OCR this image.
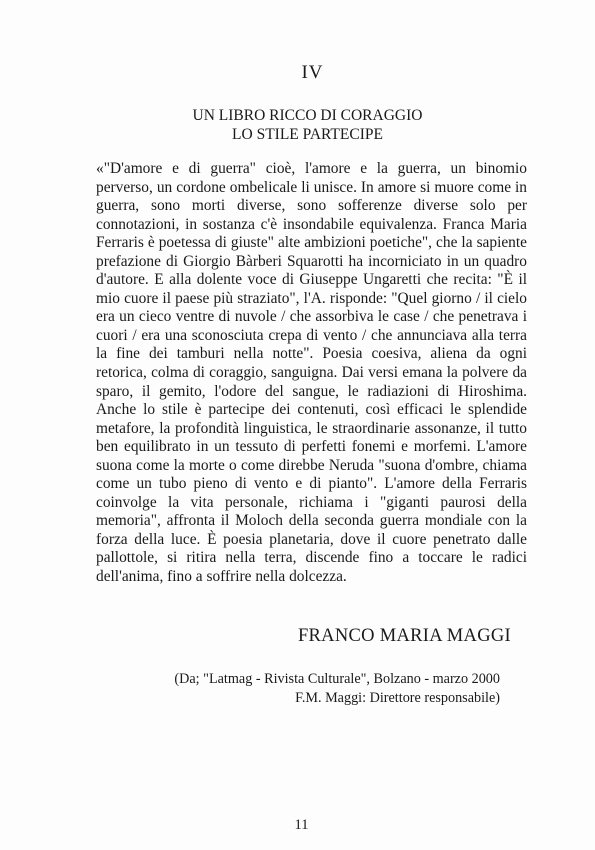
IV
UN LIBRO RICCO DI CORAGGIO
LO STILE PARTECIPE
«"D'amore e di guerra" cioè, l'amore e la guerra, un binomio perverso, un cordone ombelicale li unisce. In amore si muore come in guerra, sono morti diverse, sono sofferenze diverse solo per connotazioni, in sostanza c'è insondabile equivalenza. Franca Maria Ferraris è poetessa di giuste" alte ambizioni poetiche", che la sapiente prefazione di Giorgio Bàrberi Squarotti ha incorniciato in un quadro d'autore. E alla dolente voce di Giuseppe Ungaretti che recita: "È il mio cuore il paese più straziato", l'A. risponde: "Quel giorno / il cielo era un cieco ventre di nuvole / che assorbiva le case / che penetrava i cuori / era una sconosciuta crepa di vento / che annunciava alla terra la fine dei tamburi nella notte". Poesia coesiva, aliena da ogni retorica, colma di coraggio, sanguigna. Dai versi emana la polvere da sparo, il gemito, l'odore del sangue, le radiazioni di Hiroshima. Anche lo stile è partecipe dei contenuti, così efficaci le splendide metafore, la profondità linguistica, le straordinarie assonanze, il tutto ben equilibrato in un tessuto di perfetti fonemi e morfemi. L'amore suona come la morte o come direbbe Neruda "suona d'ombre, chiama come un tubo pieno di vento e di pianto". L'amore della Ferraris coinvolge la vita personale, richiama i "giganti paurosi della memoria", affronta il Moloch della seconda guerra mondiale con la forza della luce. È poesia planetaria, dove il cuore penetrato dalle pallottole, si ritira nella terra, discende fino a toccare le radici dell'anima, fino a soffrire nella dolcezza.
FRANCO MARIA MAGGI
(Da; "Latmag - Rivista Culturale", Bolzano - marzo 2000
F.M. Maggi: Direttore responsabile)
11
